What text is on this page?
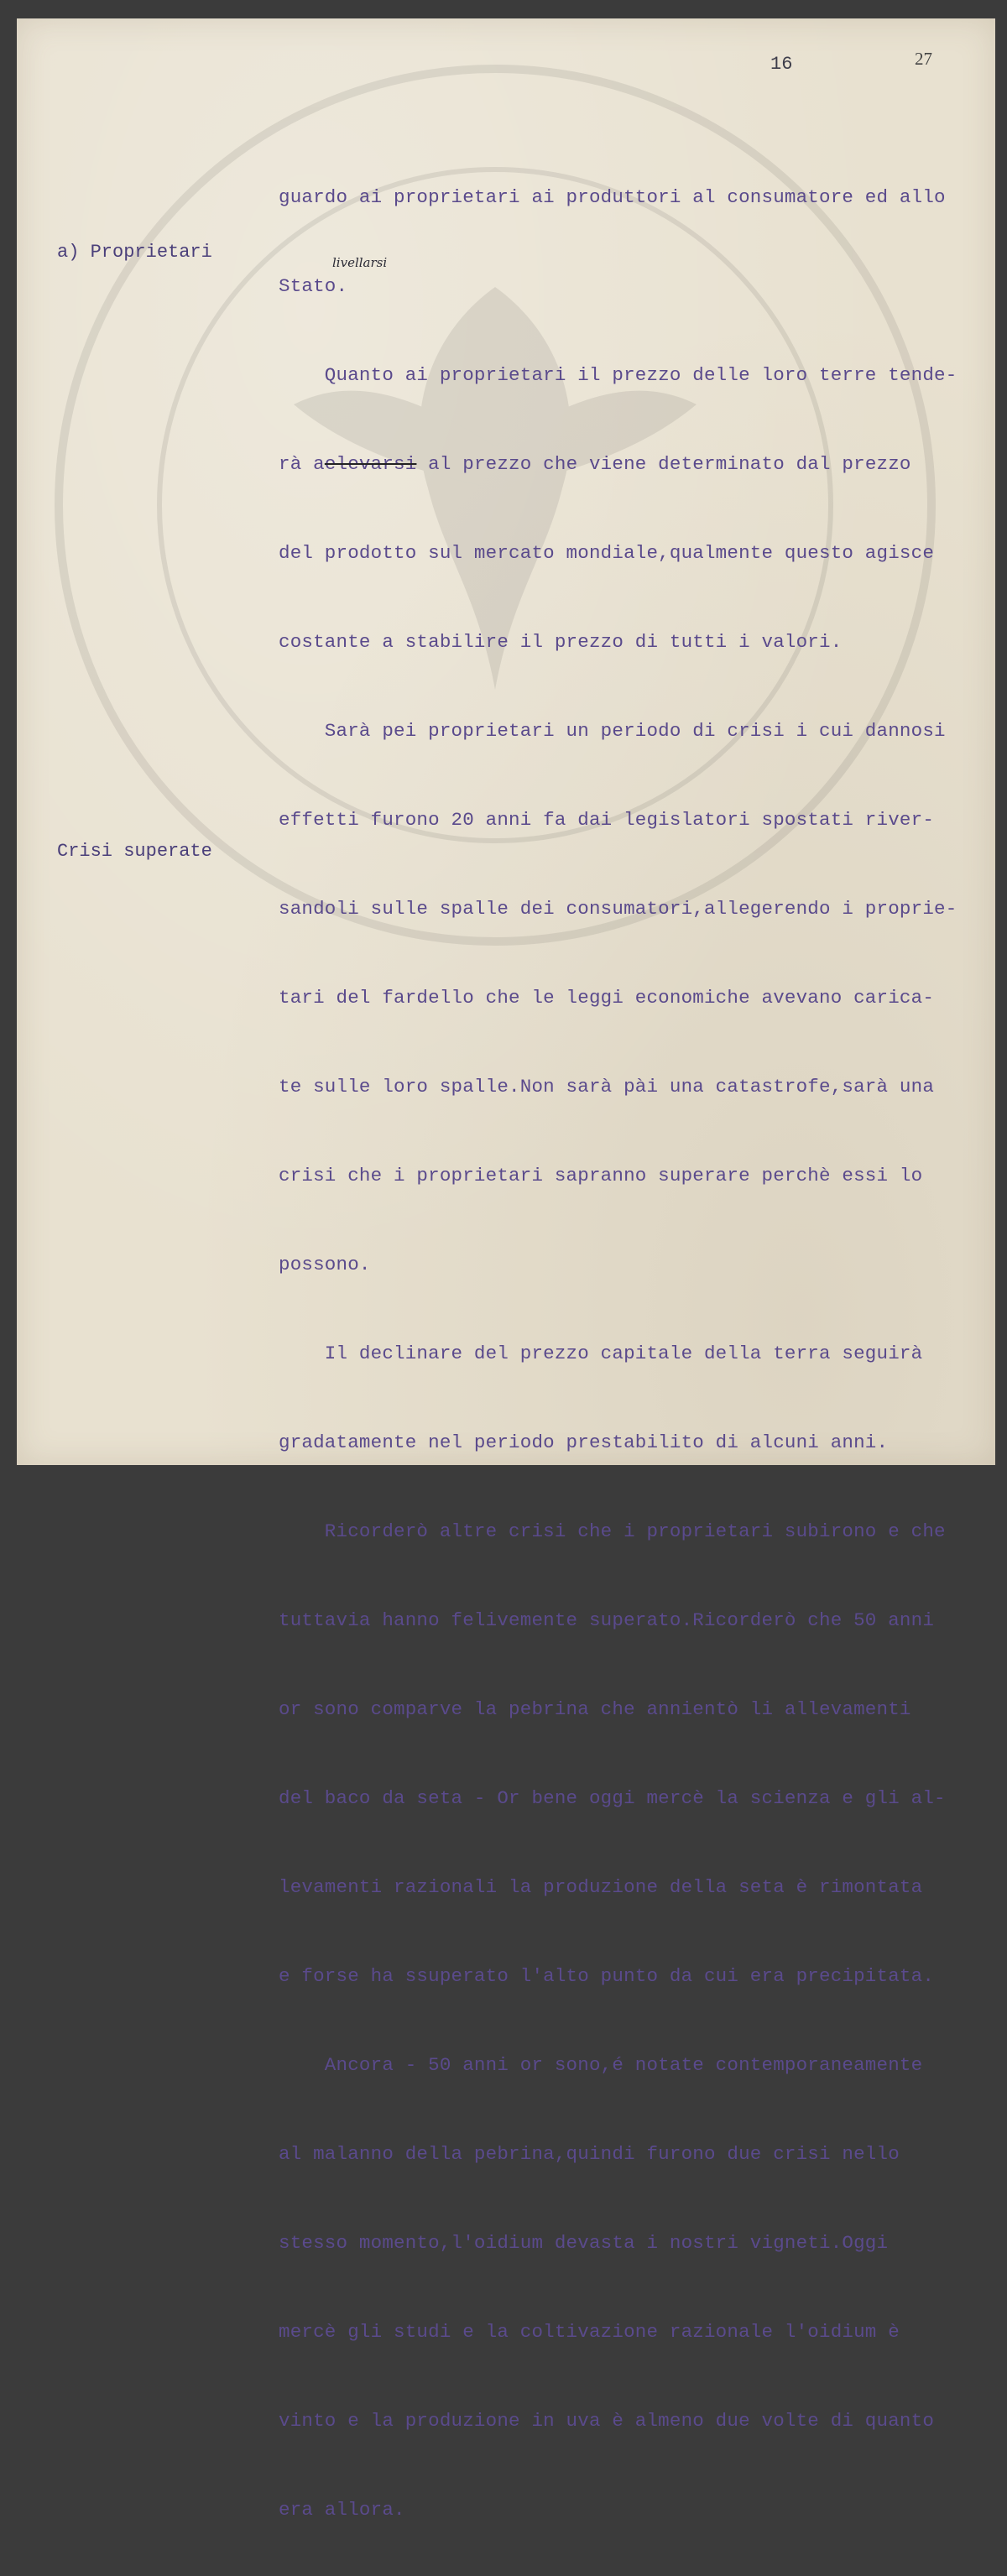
16	27
a) Proprietari
Crisi superate
livellarsi

guardo ai proprietari ai produttori al consumatore ed allo

Stato.

Quanto ai proprietari il prezzo delle loro terre tende-

rà aelevarsi al prezzo che viene determinato dal prezzo

del prodotto sul mercato mondiale,qualmente questo agisce

costante a stabilire il prezzo di tutti i valori.

Sarà pei proprietari un periodo di crisi i cui dannosi

effetti furono 20 anni fa dai legislatori spostati river-

sandoli sulle spalle dei consumatori,allegerendo i proprie-

tari del fardello che le leggi economiche avevano carica-

te sulle loro spalle.Non sarà pài una catastrofe,sarà una

crisi che i proprietari sapranno superare perchè essi lo

possono.

Il declinare del prezzo capitale della terra seguirà

gradatamente nel periodo prestabilito di alcuni anni.

Ricorderò altre crisi che i proprietari subirono e che

tuttavia hanno felivemente superato.Ricorderò che 50 anni

or sono comparve la pebrina che annientò li allevamenti

del baco da seta - Or bene oggi mercè la scienza e gli al-

levamenti razionali la produzione della seta è rimontata

e forse ha ssuperato l'alto punto da cui era precipitata.

Ancora - 50 anni or sono,é notate contemporaneamente

al malanno della pebrina,quindi furono due crisi nello

stesso momento,l'oidium devasta i nostri vigneti.Oggi

mercè gli studi e la coltivazione razionale l'oidium è

vinto e la produzione in uva è almeno due volte di quanto

era allora.
